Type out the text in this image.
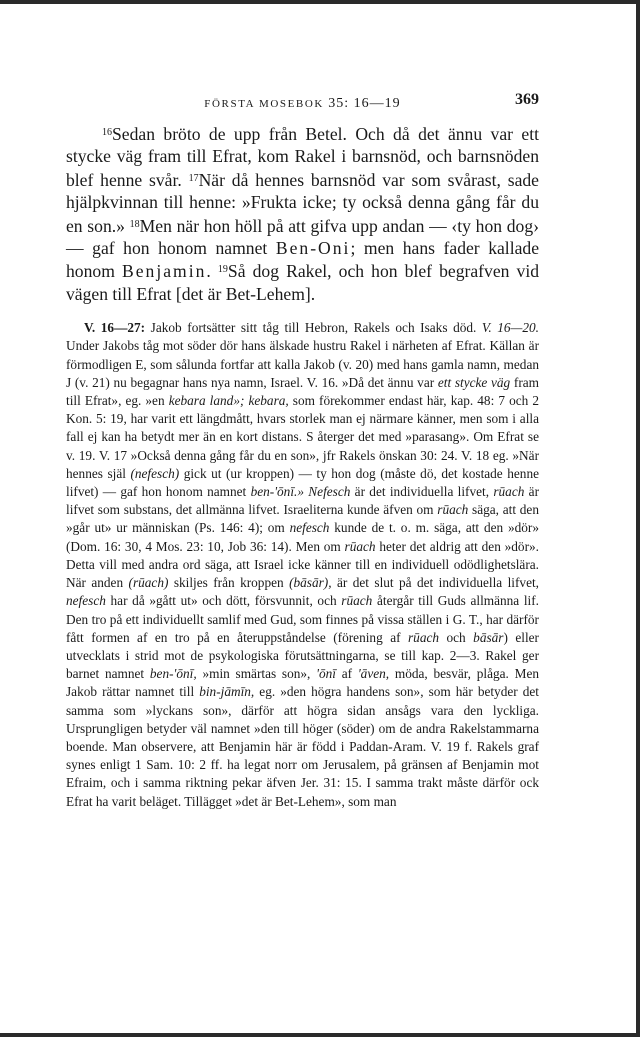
FÖRSTA MOSEBOK 35: 16—19	369

$^{16}$Sedan bröto de upp från Betel. Och då det ännu var ett stycke väg fram till Efrat, kom Rakel i barnsnöd, och barnsnöden blef henne svår. $^{17}$När då hennes barnsnöd var som svårast, sade hjälpkvinnan till henne: »Frukta icke; ty också denna gång får du en son.» $^{18}$Men när hon höll på att gifva upp andan — ‹ty hon dog› — gaf hon honom namnet Ben-Oni; men hans fader kallade honom Benjamin. $^{19}$Så dog Rakel, och hon blef begrafven vid vägen till Efrat [det är Bet-Lehem].

V. 16—27: Jakob fortsätter sitt tåg till Hebron, Rakels och Isaks död. V. 16—20. Under Jakobs tåg mot söder dör hans älskade hustru Rakel i närheten af Efrat. Källan är förmodligen E, som sålunda fortfar att kalla Jakob (v. 20) med hans gamla namn, medan J (v. 21) nu begagnar hans nya namn, Israel. V. 16. »Då det ännu var ett stycke väg fram till Efrat», eg. »en kebara land»; kebara, som förekommer endast här, kap. 48: 7 och 2 Kon. 5: 19, har varit ett längdmått, hvars storlek man ej närmare känner, men som i alla fall ej kan ha betydt mer än en kort distans. S återger det med »parasang». Om Efrat se v. 19. V. 17 »Också denna gång får du en son», jfr Rakels önskan 30: 24. V. 18 eg. »När hennes själ (nefesch) gick ut (ur kroppen) — ty hon dog (måste dö, det kostade henne lifvet) — gaf hon honom namnet ben-'ōnī.» Nefesch är det individuella lifvet, rūach är lifvet som substans, det allmänna lifvet. Israeliterna kunde äfven om rūach säga, att den »går ut» ur människan (Ps. 146: 4); om nefesch kunde de t. o. m. säga, att den »dör» (Dom. 16: 30, 4 Mos. 23: 10, Job 36: 14). Men om rūach heter det aldrig att den »dör». Detta vill med andra ord säga, att Israel icke känner till en individuell odödlighetslära. När anden (rūach) skiljes från kroppen (bāsār), är det slut på det individuella lifvet, nefesch har då »gått ut» och dött, försvunnit, och rūach återgår till Guds allmänna lif. Den tro på ett individuellt samlif med Gud, som finnes på vissa ställen i G. T., har därför fått formen af en tro på en återuppståndelse (förening af rūach och bāsār) eller utvecklats i strid mot de psykologiska förutsättningarna, se till kap. 2—3. Rakel ger barnet namnet ben-'ōnī, »min smärtas son», 'ōnī af 'āven, möda, besvär, plåga. Men Jakob rättar namnet till bin-jāmīn, eg. »den högra handens son», som här betyder det samma som »lyckans son», därför att högra sidan ansågs vara den lyckliga. Ursprungligen betyder väl namnet »den till höger (söder) om de andra Rakelstammarna boende. Man observere, att Benjamin här är född i Paddan-Aram. V. 19 f. Rakels graf synes enligt 1 Sam. 10: 2 ff. ha legat norr om Jerusalem, på gränsen af Benjamin mot Efraim, och i samma riktning pekar äfven Jer. 31: 15. I samma trakt måste därför ock Efrat ha varit beläget. Tillägget »det är Bet-Lehem», som man
